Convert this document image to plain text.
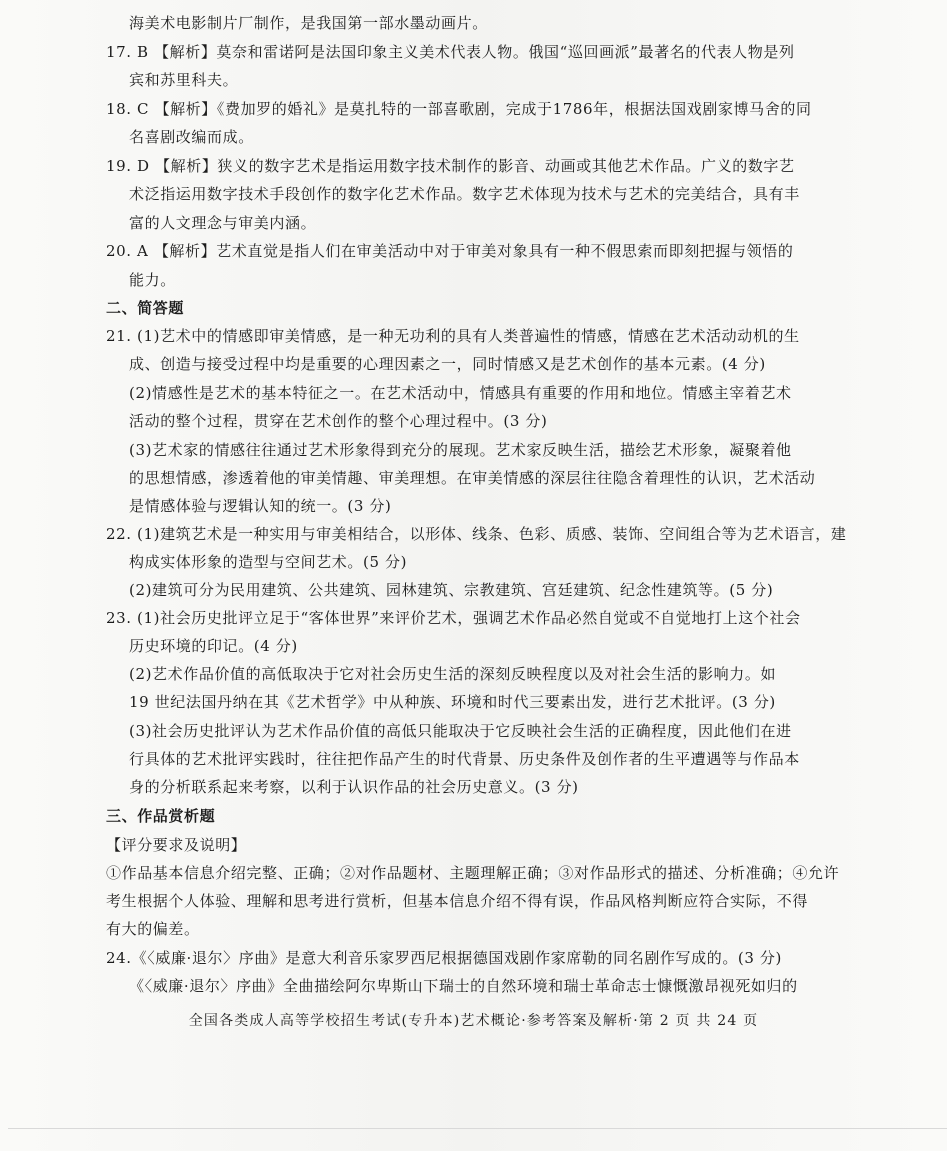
海美术电影制片厂制作，是我国第一部水墨动画片。
17. B 【解析】莫奈和雷诺阿是法国印象主义美术代表人物。俄国“巡回画派”最著名的代表人物是列
宾和苏里科夫。
18. C 【解析】《费加罗的婚礼》是莫扎特的一部喜歌剧，完成于1786年，根据法国戏剧家博马舍的同
名喜剧改编而成。
19. D 【解析】狭义的数字艺术是指运用数字技术制作的影音、动画或其他艺术作品。广义的数字艺
术泛指运用数字技术手段创作的数字化艺术作品。数字艺术体现为技术与艺术的完美结合，具有丰
富的人文理念与审美内涵。
20. A 【解析】艺术直觉是指人们在审美活动中对于审美对象具有一种不假思索而即刻把握与领悟的
能力。
二、简答题
21. (1)艺术中的情感即审美情感，是一种无功利的具有人类普遍性的情感，情感在艺术活动动机的生
成、创造与接受过程中均是重要的心理因素之一，同时情感又是艺术创作的基本元素。(4 分)
(2)情感性是艺术的基本特征之一。在艺术活动中，情感具有重要的作用和地位。情感主宰着艺术
活动的整个过程，贯穿在艺术创作的整个心理过程中。(3 分)
(3)艺术家的情感往往通过艺术形象得到充分的展现。艺术家反映生活，描绘艺术形象，凝聚着他
的思想情感，渗透着他的审美情趣、审美理想。在审美情感的深层往往隐含着理性的认识，艺术活动
是情感体验与逻辑认知的统一。(3 分)
22. (1)建筑艺术是一种实用与审美相结合，以形体、线条、色彩、质感、装饰、空间组合等为艺术语言，建
构成实体形象的造型与空间艺术。(5 分)
(2)建筑可分为民用建筑、公共建筑、园林建筑、宗教建筑、宫廷建筑、纪念性建筑等。(5 分)
23. (1)社会历史批评立足于“客体世界”来评价艺术，强调艺术作品必然自觉或不自觉地打上这个社会
历史环境的印记。(4 分)
(2)艺术作品价值的高低取决于它对社会历史生活的深刻反映程度以及对社会生活的影响力。如
19 世纪法国丹纳在其《艺术哲学》中从种族、环境和时代三要素出发，进行艺术批评。(3 分)
(3)社会历史批评认为艺术作品价值的高低只能取决于它反映社会生活的正确程度，因此他们在进
行具体的艺术批评实践时，往往把作品产生的时代背景、历史条件及创作者的生平遭遇等与作品本
身的分析联系起来考察，以利于认识作品的社会历史意义。(3 分)
三、作品赏析题
【评分要求及说明】
①作品基本信息介绍完整、正确；②对作品题材、主题理解正确；③对作品形式的描述、分析准确；④允许
考生根据个人体验、理解和思考进行赏析，但基本信息介绍不得有误，作品风格判断应符合实际，不得
有大的偏差。
24.《〈威廉·退尔〉序曲》是意大利音乐家罗西尼根据德国戏剧作家席勒的同名剧作写成的。(3 分)
《〈威廉·退尔〉序曲》全曲描绘阿尔卑斯山下瑞士的自然环境和瑞士革命志士慷慨激昂视死如归的
全国各类成人高等学校招生考试(专升本)艺术概论·参考答案及解析·第 2 页 共 24 页
